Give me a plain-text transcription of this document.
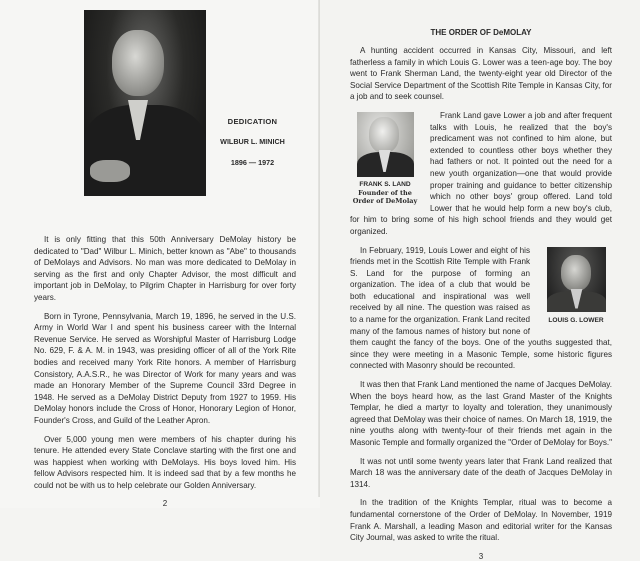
DEDICATION
WILBUR L. MINICH
1896 — 1972

It is only fitting that this 50th Anniversary DeMolay history be dedicated to "Dad" Wilbur L. Minich, better known as "Abe" to thousands of DeMolays and Advisors. No man was more dedicated to DeMolay in serving as the first and only Chapter Advisor, the most difficult and important job in DeMolay, to Pilgrim Chapter in Harrisburg for over forty years.

Born in Tyrone, Pennsylvania, March 19, 1896, he served in the U.S. Army in World War I and spent his business career with the Internal Revenue Service. He served as Worshipful Master of Harrisburg Lodge No. 629, F. & A. M. in 1943, was presiding officer of all of the York Rite bodies and received many York Rite honors. A member of Harrisburg Consistory, A.A.S.R., he was Director of Work for many years and was made an Honorary Member of the Supreme Council 33rd Degree in 1948. He served as a DeMolay District Deputy from 1927 to 1959. His DeMolay honors include the Cross of Honor, Honorary Legion of Honor, Founder's Cross, and Guild of the Leather Apron.

Over 5,000 young men were members of his chapter during his tenure. He attended every State Conclave starting with the first one and was happiest when working with DeMolays. His boys loved him. His fellow Advisors respected him. It is indeed sad that by a few months he could not be with us to help celebrate our Golden Anniversary.

2
THE ORDER OF DeMOLAY

A hunting accident occurred in Kansas City, Missouri, and left fatherless a family in which Louis G. Lower was a teen-age boy. The boy went to Frank Sherman Land, the twenty-eight year old Director of the Social Service Department of the Scottish Rite Temple in Kansas City, for a job and to seek counsel.

FRANK S. LAND
Founder of the
Order of DeMolay

Frank Land gave Lower a job and after frequent talks with Louis, he realized that the boy's predicament was not confined to him alone, but extended to countless other boys whether they had fathers or not. It pointed out the need for a new youth organization—one that would provide proper training and guidance to better citizenship which no other boys' group offered. Land told Lower that he would help form a new boy's club, for him to bring some of his high school friends and they would get organized.

LOUIS G. LOWER

In February, 1919, Louis Lower and eight of his friends met in the Scottish Rite Temple with Frank S. Land for the purpose of forming an organization. The idea of a club that would be both educational and inspirational was well received by all nine. The question was raised as to a name for the organization. Frank Land recited many of the famous names of history but none of them caught the fancy of the boys. One of the youths suggested that, since they were meeting in a Masonic Temple, some historic figures connected with Masonry should be recounted.

It was then that Frank Land mentioned the name of Jacques DeMolay. When the boys heard how, as the last Grand Master of the Knights Templar, he died a martyr to loyalty and toleration, they unanimously agreed that DeMolay was their choice of names. On March 18, 1919, the nine youths along with twenty-four of their friends met again in the Masonic Temple and formally organized the "Order of DeMolay for Boys."

It was not until some twenty years later that Frank Land realized that March 18 was the anniversary date of the death of Jacques DeMolay in 1314.

In the tradition of the Knights Templar, ritual was to become a fundamental cornerstone of the Order of DeMolay. In November, 1919 Frank A. Marshall, a leading Mason and editorial writer for the Kansas City Journal, was asked to write the ritual.

3
